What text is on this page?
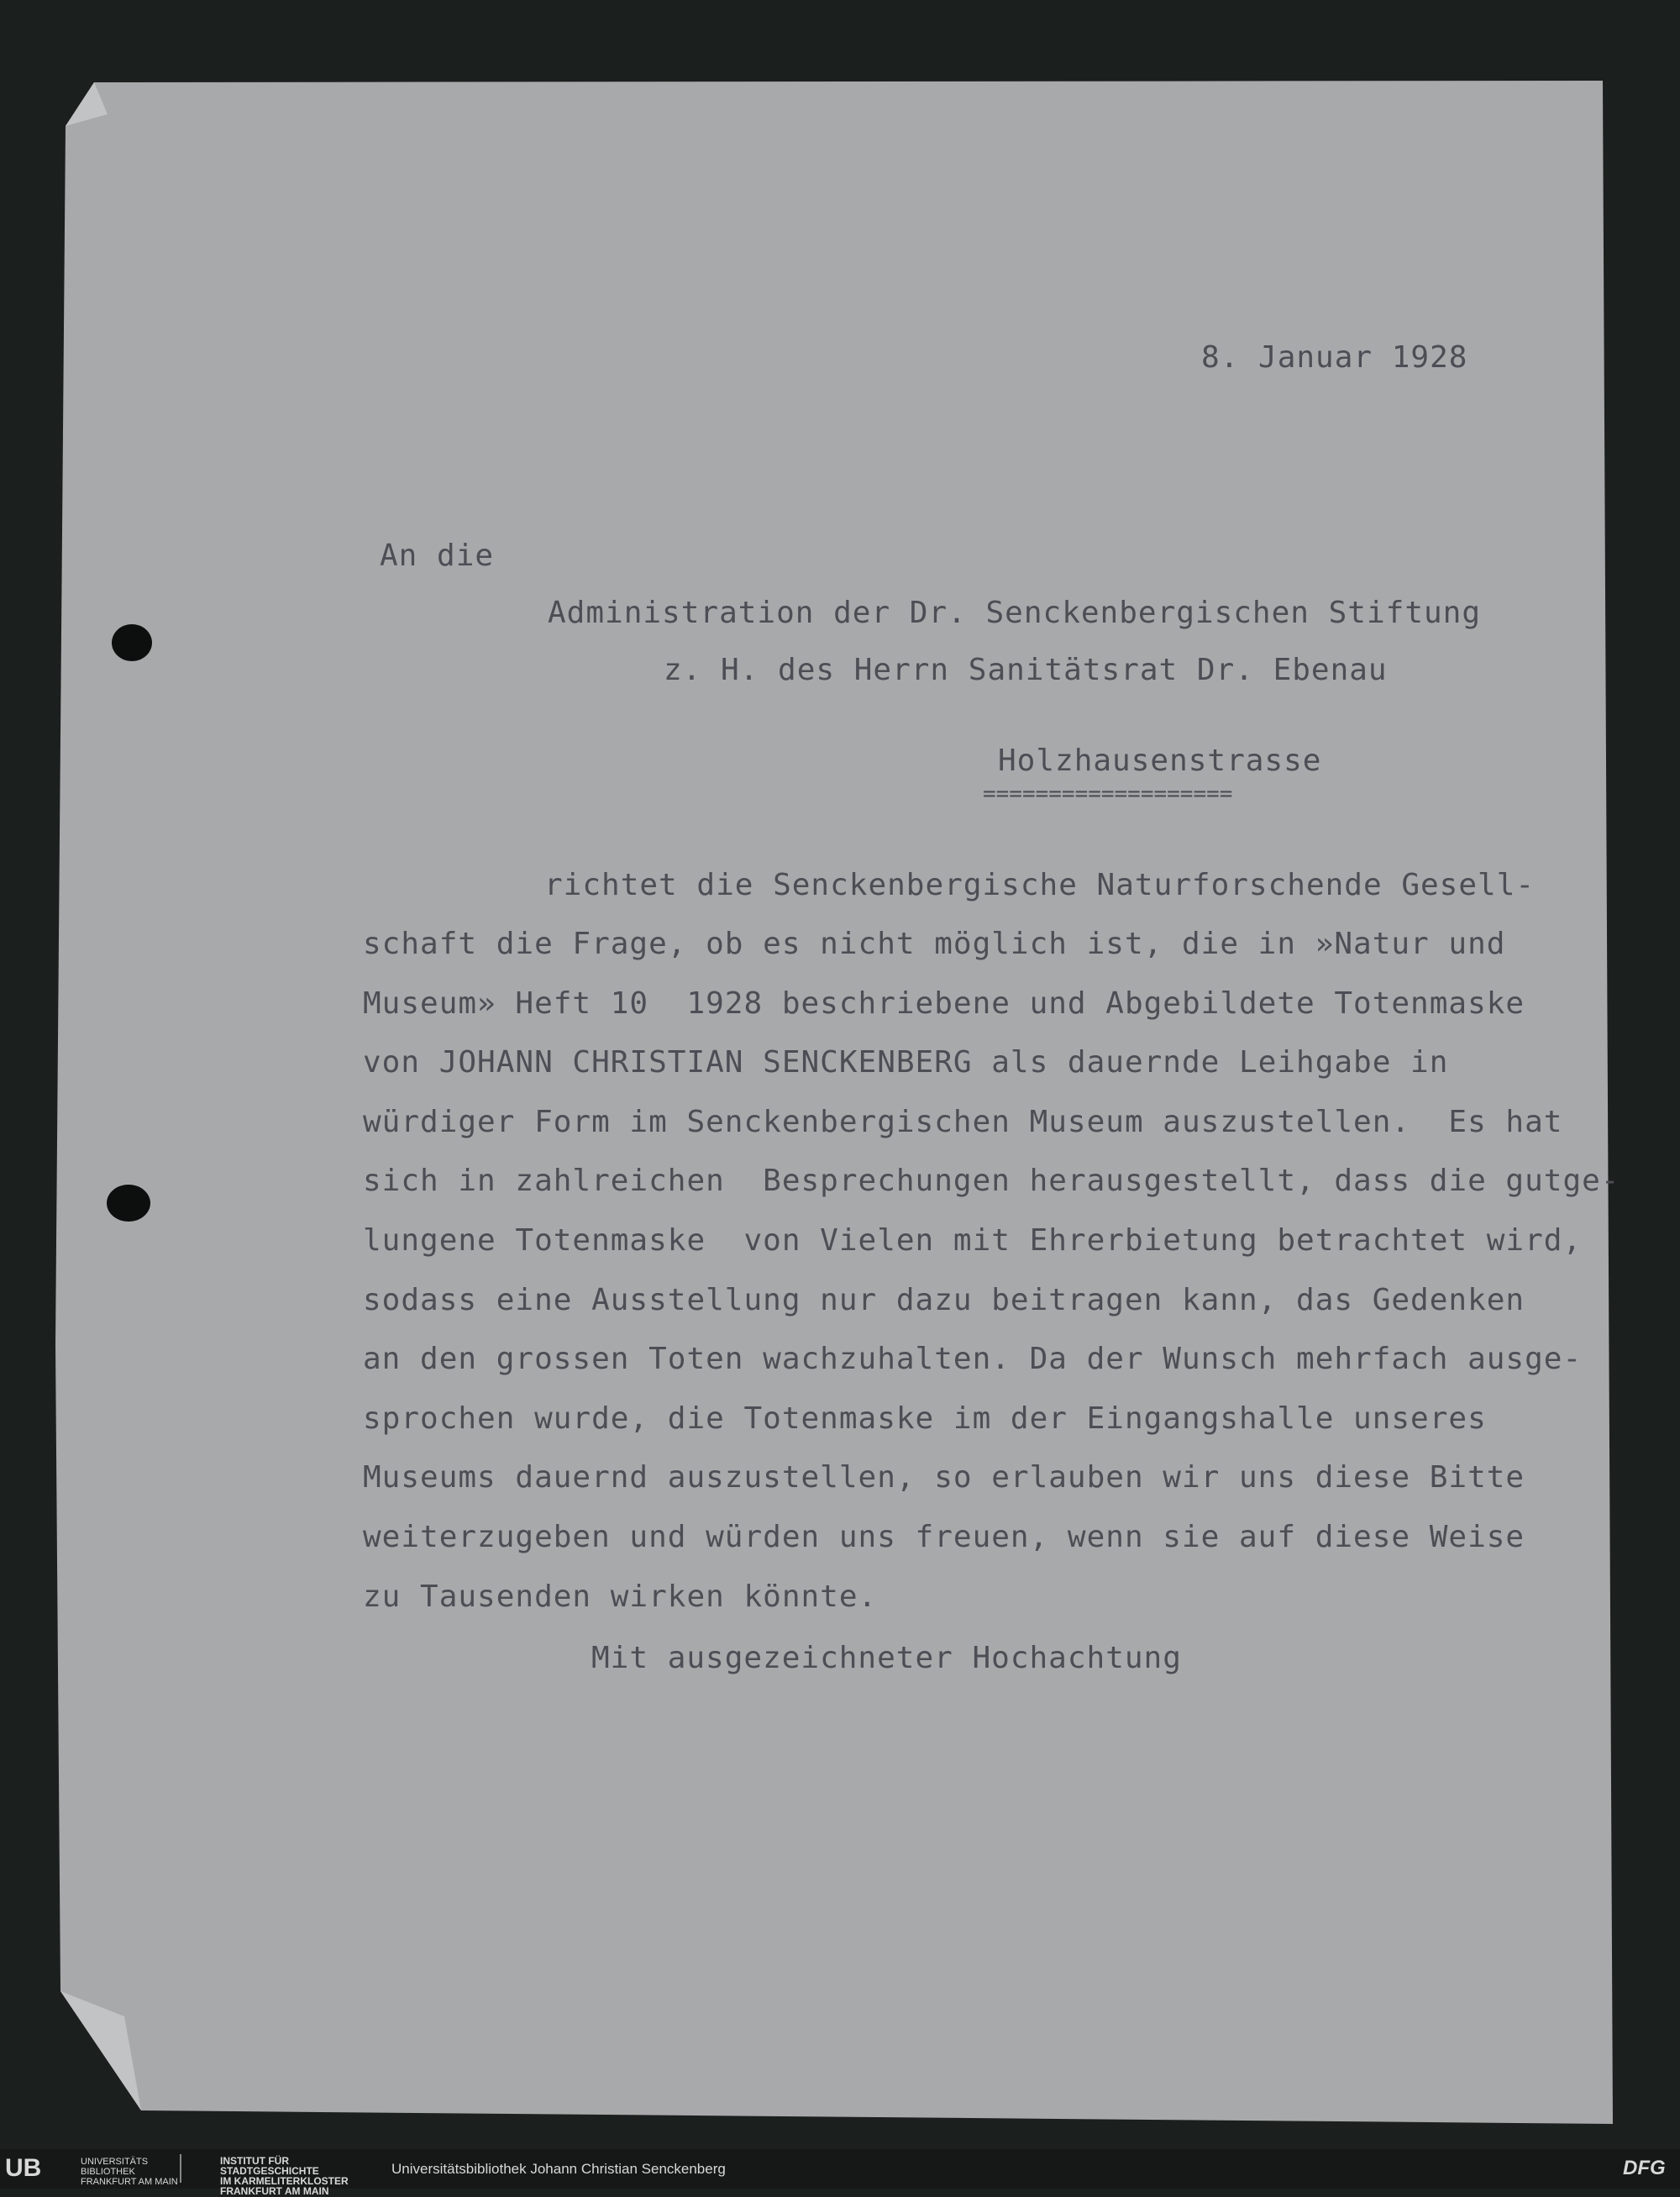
8. Januar 1928
An die
Administration der Dr. Senckenbergischen Stiftung
z. H. des Herrn Sanitätsrat Dr. Ebenau
Holzhausenstrasse
===================
richtet die Senckenbergische Naturforschende Gesell-
schaft die Frage, ob es nicht möglich ist, die in »Natur und
Museum» Heft 10  1928 beschriebene und Abgebildete Totenmaske
von JOHANN CHRISTIAN SENCKENBERG als dauernde Leihgabe in
würdiger Form im Senckenbergischen Museum auszustellen.  Es hat
sich in zahlreichen  Besprechungen herausgestellt, dass die gutge-
lungene Totenmaske  von Vielen mit Ehrerbietung betrachtet wird,
sodass eine Ausstellung nur dazu beitragen kann, das Gedenken
an den grossen Toten wachzuhalten. Da der Wunsch mehrfach ausge-
sprochen wurde, die Totenmaske im der Eingangshalle unseres
Museums dauernd auszustellen, so erlauben wir uns diese Bitte
weiterzugeben und würden uns freuen, wenn sie auf diese Weise
zu Tausenden wirken könnte.
Mit ausgezeichneter Hochachtung
UB	UNIVERSITÄTS
BIBLIOTHEK
FRANKFURT AM MAIN
INSTITUT FÜR
STADTGESCHICHTE
IM KARMELITERKLOSTER
FRANKFURT AM MAIN
Universitätsbibliothek Johann Christian Senckenberg	DFG
